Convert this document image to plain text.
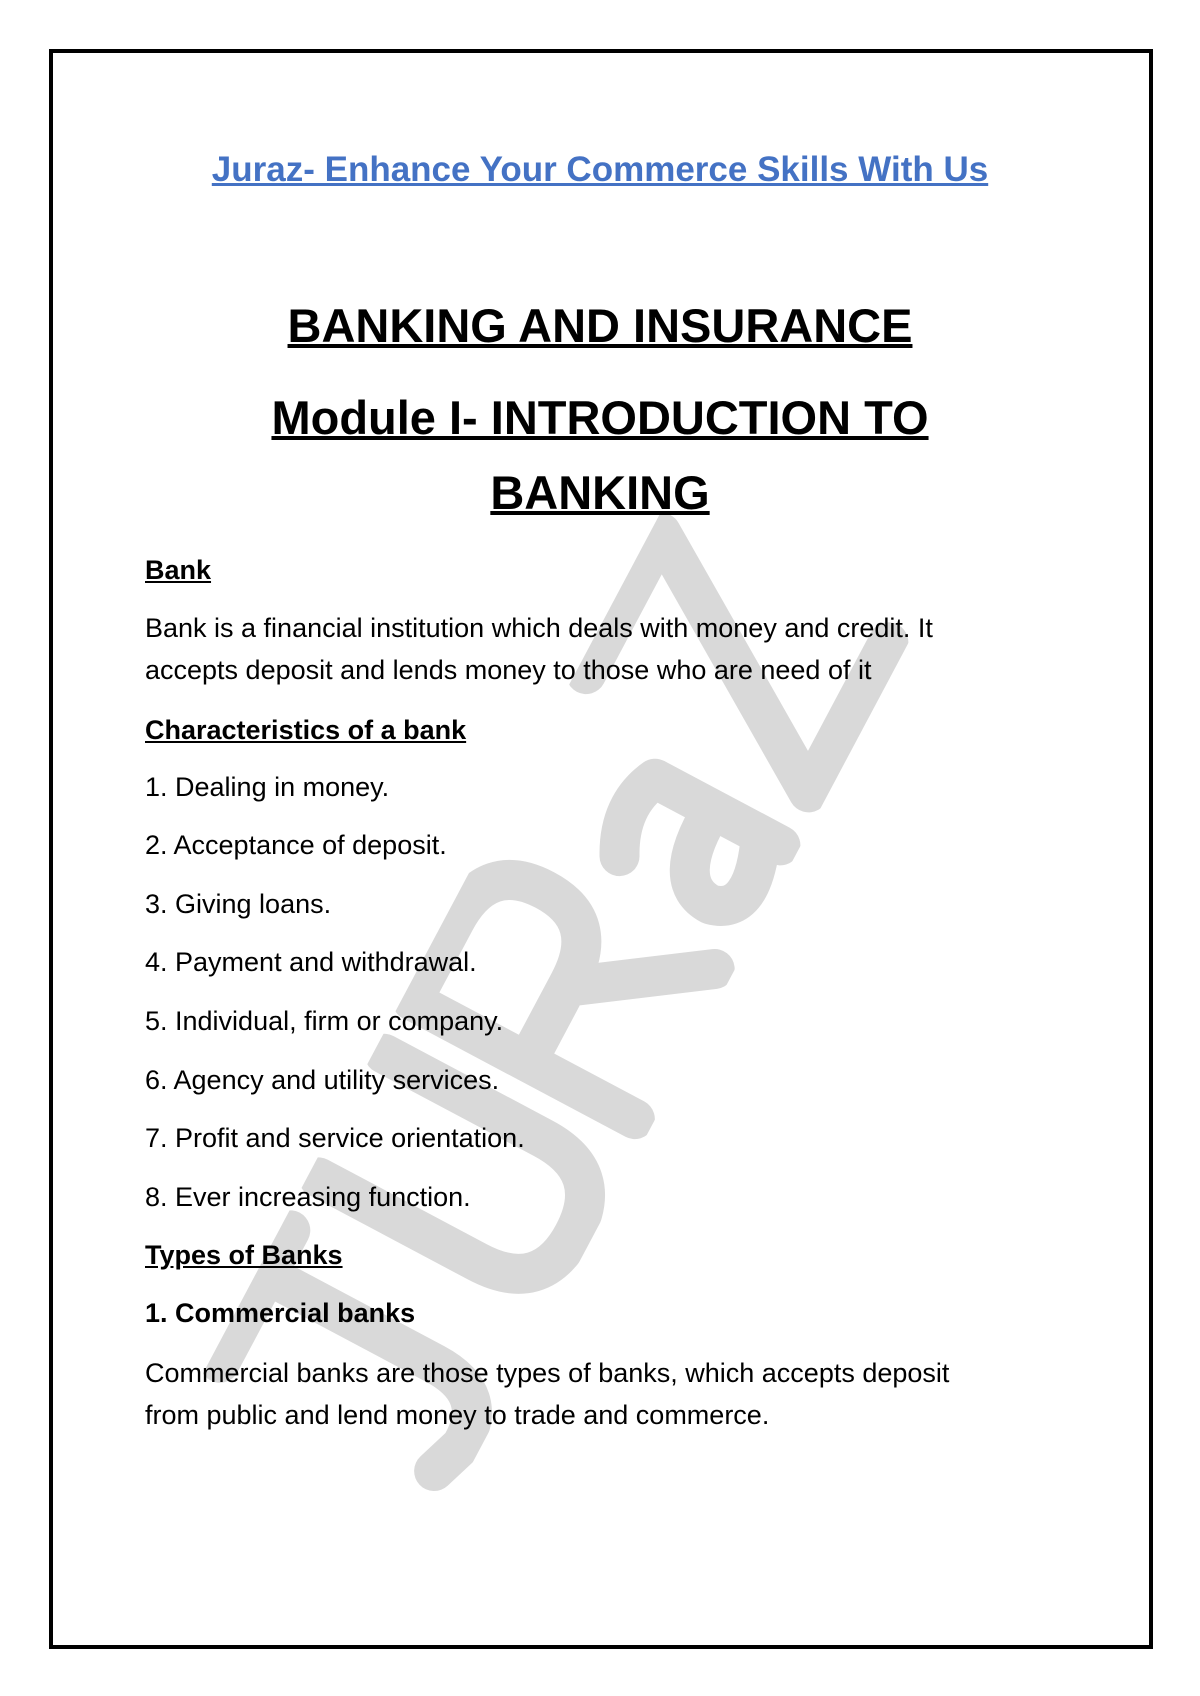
Juraz- Enhance Your Commerce Skills With Us
BANKING AND INSURANCE
Module I- INTRODUCTION TO
BANKING
Bank
Bank is a financial institution which deals with money and credit. It
accepts deposit and lends money to those who are need of it
Characteristics of a bank
1. Dealing in money.
2. Acceptance of deposit.
3. Giving loans.
4. Payment and withdrawal.
5. Individual, firm or company.
6. Agency and utility services.
7. Profit and service orientation.
8. Ever increasing function.
Types of Banks
1. Commercial banks
Commercial banks are those types of banks, which accepts deposit
from public and lend money to trade and commerce.
